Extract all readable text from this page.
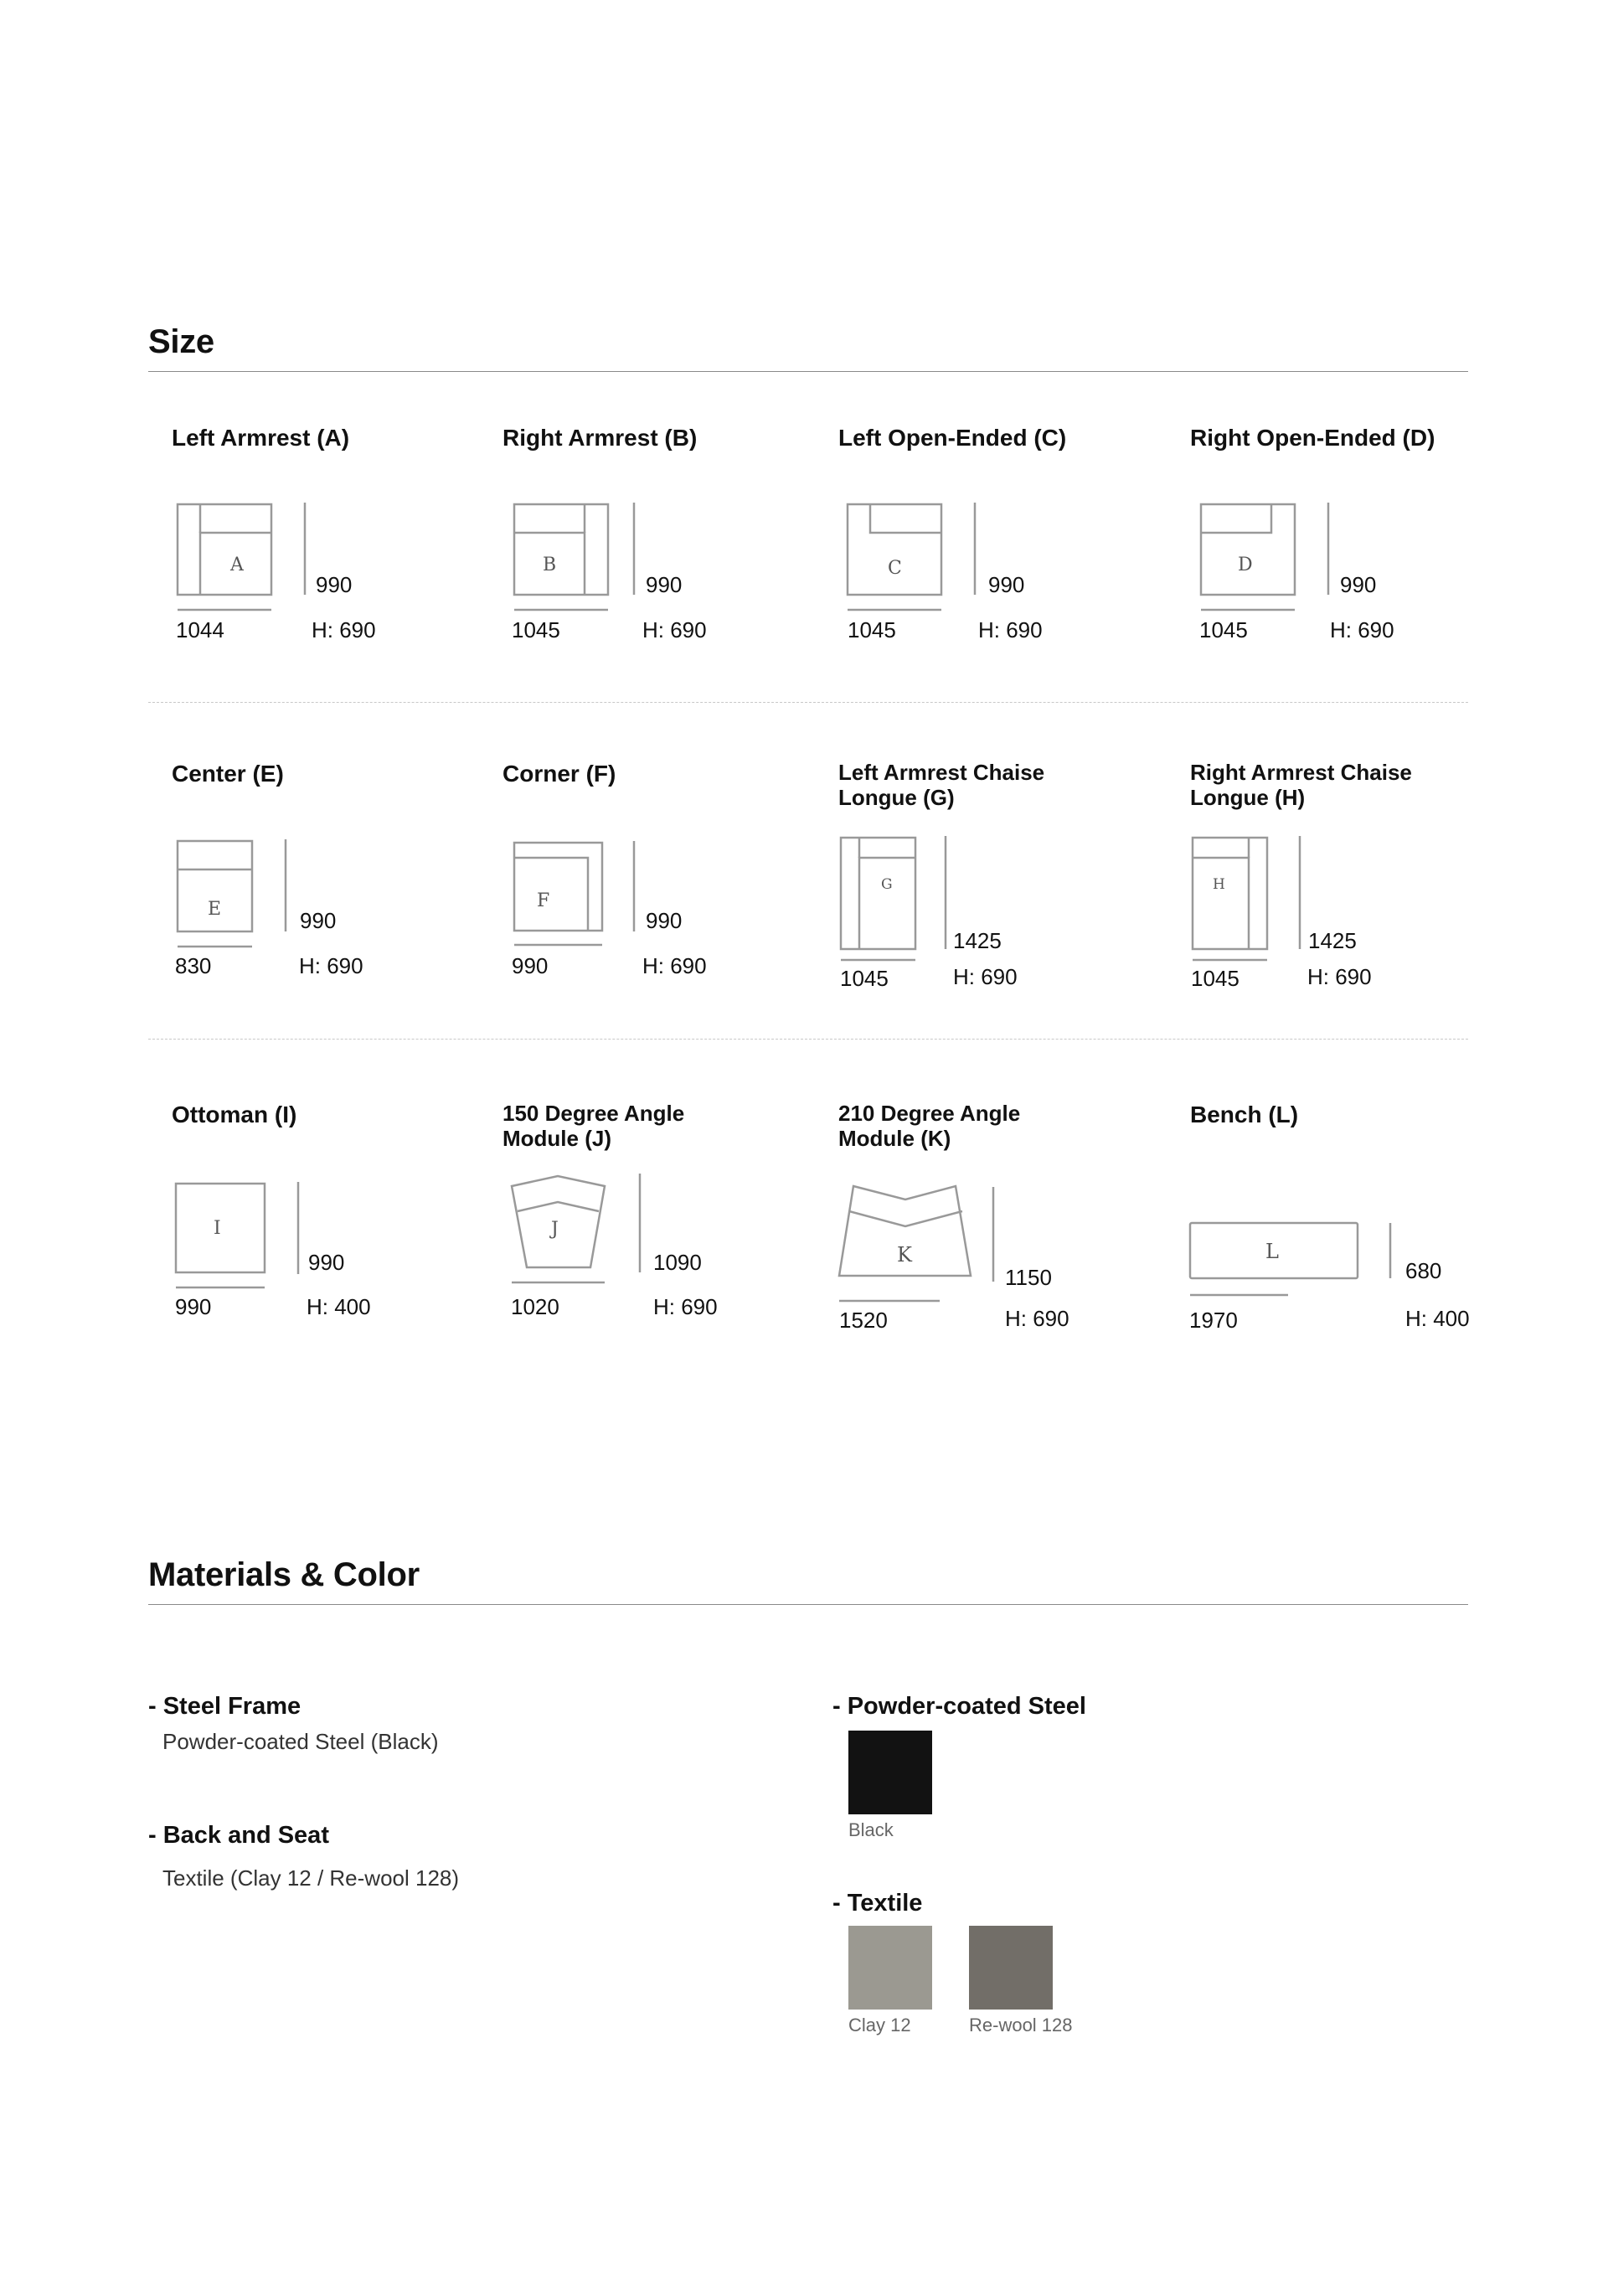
Size
Left Armrest (A)	Right Armrest (B)	Left Open-Ended (C)	Right Open-Ended (D)
A
990
1044	H: 690
B
990
1045	H: 690
C
990
1045	H: 690
D
990
1045	H: 690
Center (E)	Corner (F)	Left Armrest Chaise Longue (G)
Right Armrest Chaise Longue (H)
E	990
830	H: 690
F
990
990	H: 690
G
1425
1045	H: 690
H
1425
1045	H: 690
Ottoman (I)	150 Degree Angle Module (J)
210 Degree Angle Module (K)
Bench (L)
I
990
990	H: 400
J
1090
1020	H: 690
K
1150
1520	H: 690
L
680
1970	H: 400
Materials & Color
- Steel Frame
Powder-coated Steel (Black)
- Back and Seat
Textile (Clay 12 / Re-wool 128)
- Powder-coated Steel
Black
- Textile
Clay 12	Re-wool 128
